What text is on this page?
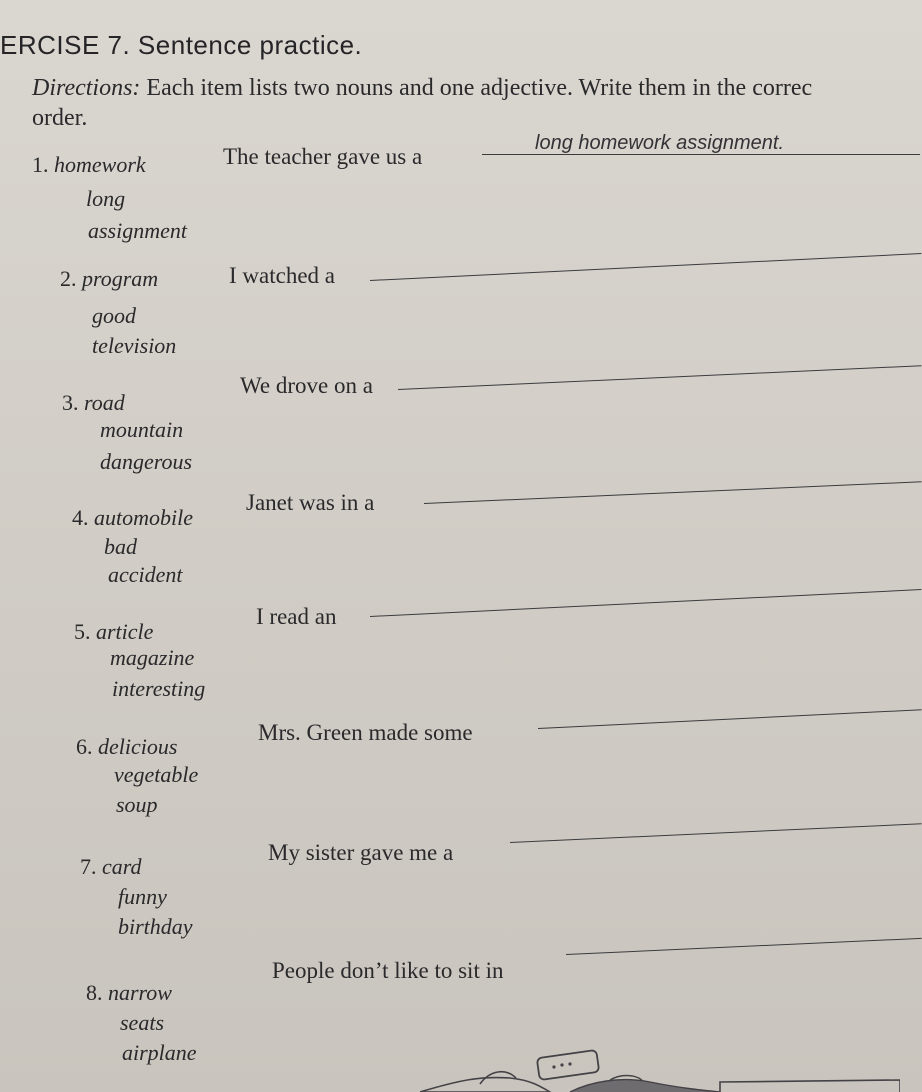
ERCISE 7. Sentence practice.
Directions: Each item lists two nouns and one adjective. Write them in the correc
order.
1. homework
long
assignment
The teacher gave us a
long homework assignment.
2. program
good
television
I watched a
3. road
mountain
dangerous
We drove on a
4. automobile
bad
accident
Janet was in a
5. article
magazine
interesting
I read an
6. delicious
vegetable
soup
Mrs. Green made some
7. card
funny
birthday
My sister gave me a
8. narrow
seats
airplane
People don’t like to sit in
